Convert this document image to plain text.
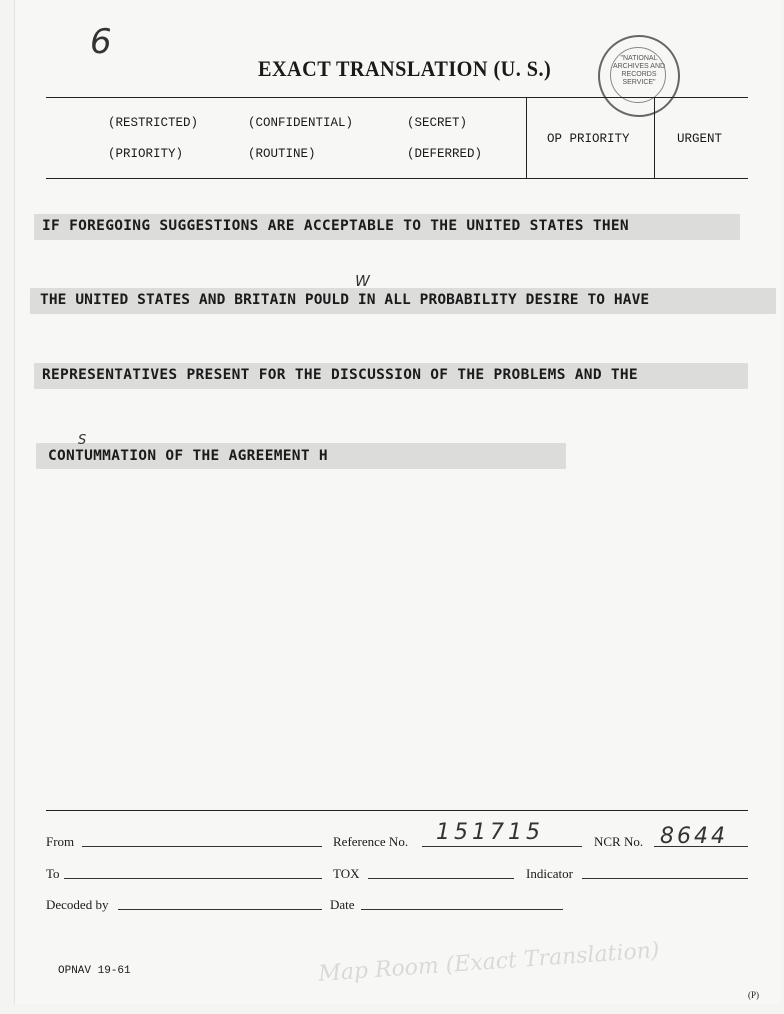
6
EXACT TRANSLATION (U. S.)	"NATIONAL ARCHIVES AND RECORDS SERVICE"
(RESTRICTED)	(CONFIDENTIAL)	(SECRET)
(PRIORITY)	(ROUTINE)	(DEFERRED)
OP PRIORITY	URGENT
IF FOREGOING SUGGESTIONS ARE ACCEPTABLE TO THE UNITED STATES THEN
THE UNITED STATES AND BRITAIN POULD IN ALL PROBABILITY DESIRE TO HAVE
W
REPRESENTATIVES PRESENT FOR THE DISCUSSION OF THE PROBLEMS AND THE
CONTUMMATION OF THE AGREEMENT H
S
From	Reference No. 151715	NCR No. 8644
To	TOX	Indicator
Decoded by	Date
OPNAV 19-61	Map Room (Exact Translation)
(P)
